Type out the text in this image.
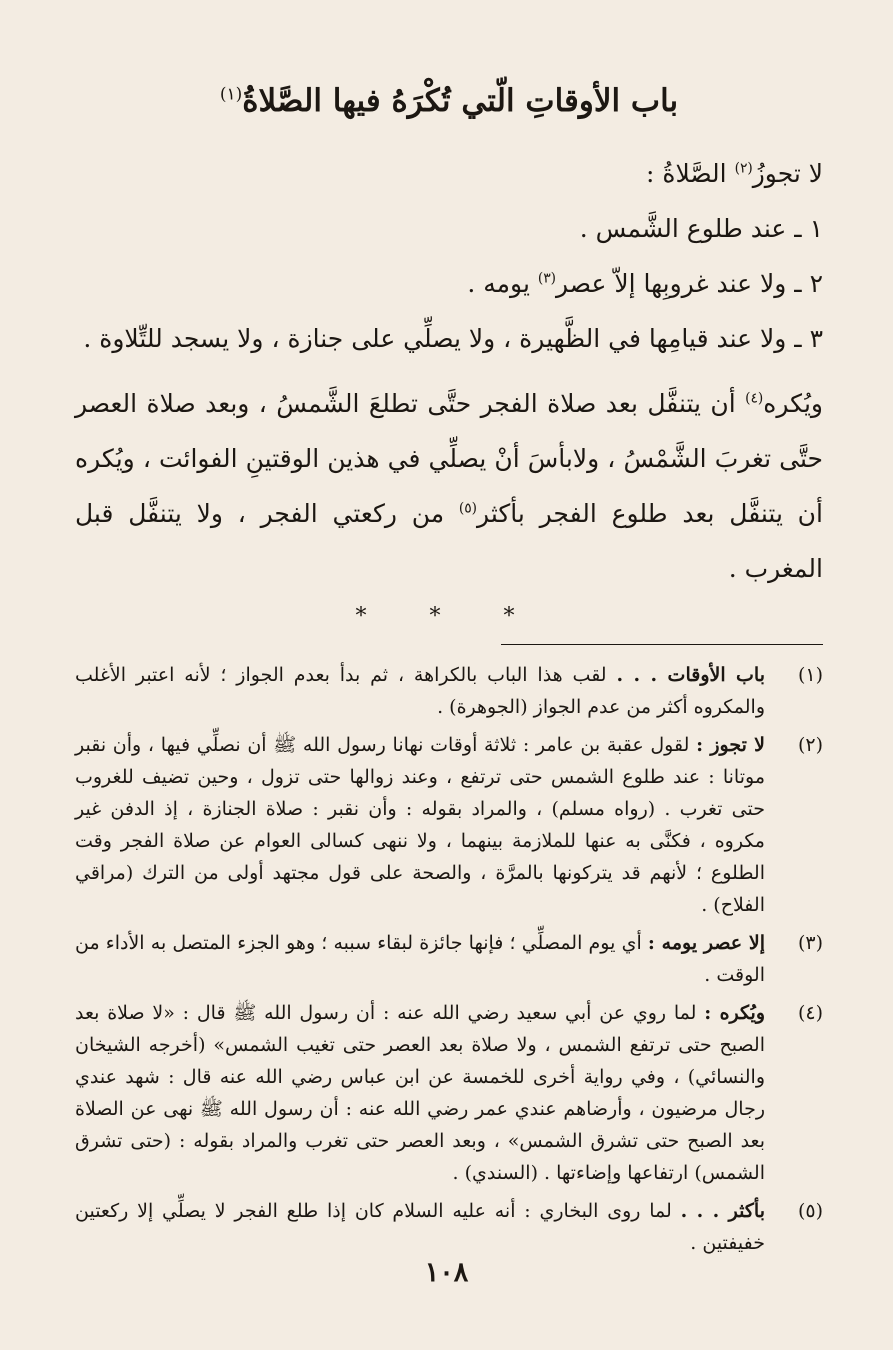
باب الأوقاتِ الّتي تُكْرَهُ فيها الصَّلاةُ$^{(١)}$

لا تجوزُ$^{(٢)}$ الصَّلاةُ :

١ ـ عند طلوع الشَّمس .

٢ ـ ولا عند غروبِها إلاّ عصر$^{(٣)}$ يومه .

٣ ـ ولا عند قيامِها في الظَّهيرة ، ولا يصلِّي على جنازة ، ولا يسجد للتِّلاوة .

ويُكره$^{(٤)}$ أن يتنفَّل بعد صلاة الفجر حتَّى تطلعَ الشَّمسُ ، وبعد صلاة العصر حتَّى تغربَ الشَّمْسُ ، ولابأسَ أنْ يصلِّي في هذين الوقتينِ الفوائت ، ويُكره أن يتنفَّل بعد طلوع الفجر بأكثر$^{(٥)}$ من ركعتي الفجر ، ولا يتنفَّل قبل المغرب .

* * *
(١)
باب الأوقات . . . لقب هذا الباب بالكراهة ، ثم بدأ بعدم الجواز ؛ لأنه اعتبر الأغلب والمكروه أكثر من عدم الجواز (الجوهرة) .
(٢)
لا تجوز : لقول عقبة بن عامر : ثلاثة أوقات نهانا رسول الله ﷺ أن نصلِّي فيها ، وأن نقبر موتانا : عند طلوع الشمس حتى ترتفع ، وعند زوالها حتى تزول ، وحين تضيف للغروب حتى تغرب . (رواه مسلم) ، والمراد بقوله : وأن نقبر : صلاة الجنازة ، إذ الدفن غير مكروه ، فكنَّى به عنها للملازمة بينهما ، ولا ننهى كسالى العوام عن صلاة الفجر وقت الطلوع ؛ لأنهم قد يتركونها بالمرَّة ، والصحة على قول مجتهد أولى من الترك (مراقي الفلاح) .
(٣)
إلا عصر يومه : أي يوم المصلِّي ؛ فإنها جائزة لبقاء سببه ؛ وهو الجزء المتصل به الأداء من الوقت .
(٤)
ويُكره : لما روي عن أبي سعيد رضي الله عنه : أن رسول الله ﷺ قال : «لا صلاة بعد الصبح حتى ترتفع الشمس ، ولا صلاة بعد العصر حتى تغيب الشمس» (أخرجه الشيخان والنسائي) ، وفي رواية أخرى للخمسة عن ابن عباس رضي الله عنه قال : شهد عندي رجال مرضيون ، وأرضاهم عندي عمر رضي الله عنه : أن رسول الله ﷺ نهى عن الصلاة بعد الصبح حتى تشرق الشمس» ، وبعد العصر حتى تغرب والمراد بقوله : (حتى تشرق الشمس) ارتفاعها وإضاءتها . (السندي) .
(٥)
بأكثر . . . لما روى البخاري : أنه عليه السلام كان إذا طلع الفجر لا يصلِّي إلا ركعتين خفيفتين .
١٠٨
